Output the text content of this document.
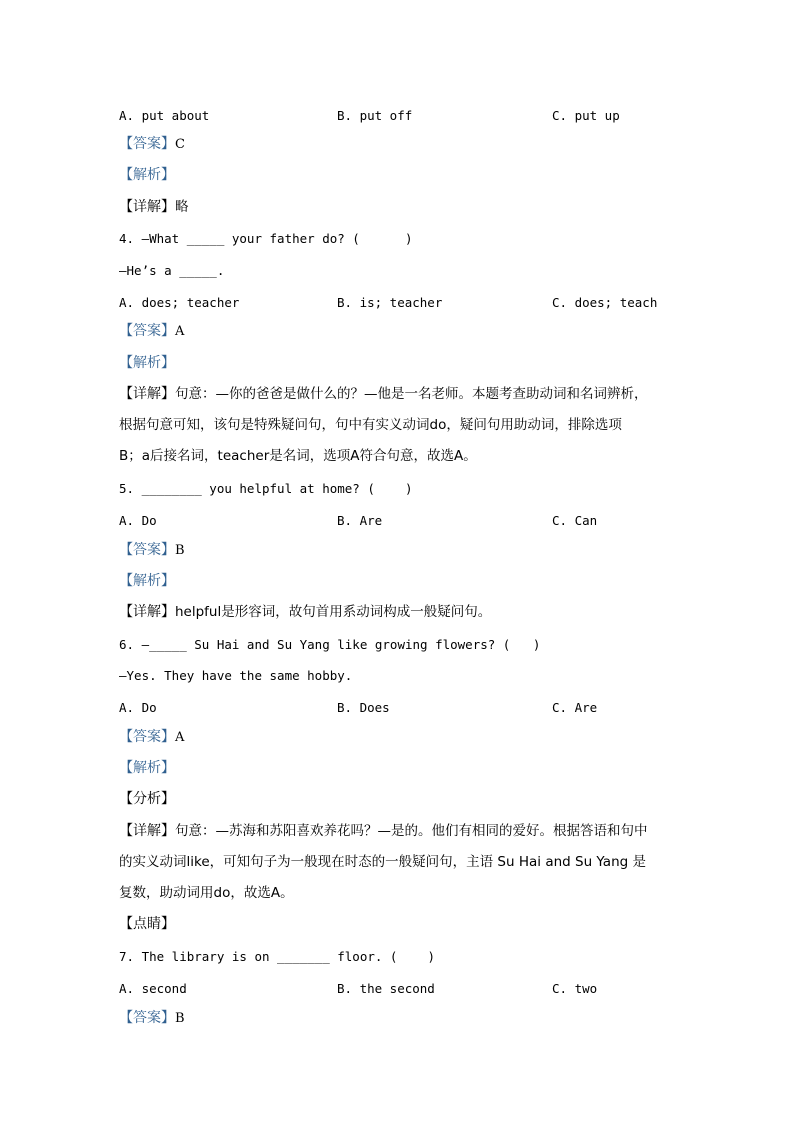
A. put about	B. put off	C. put up
【答案】C
【解析】
【详解】略
4. —What _____ your father do? (      )
—He’s a _____.
A. does; teacher	B. is; teacher	C. does; teach
【答案】A
【解析】
【详解】句意：—你的爸爸是做什么的？—他是一名老师。本题考查助动词和名词辨析，
根据句意可知，该句是特殊疑问句，句中有实义动词do，疑问句用助动词，排除选项
B；a后接名词，teacher是名词，选项A符合句意，故选A。
5. ________ you helpful at home? (    )
A. Do	B. Are	C. Can
【答案】B
【解析】
【详解】helpful是形容词，故句首用系动词构成一般疑问句。
6. —_____ Su Hai and Su Yang like growing flowers? (   )
—Yes. They have the same hobby.
A. Do	B. Does	C. Are
【答案】A
【解析】
【分析】
【详解】句意：—苏海和苏阳喜欢养花吗？—是的。他们有相同的爱好。根据答语和句中
的实义动词like，可知句子为一般现在时态的一般疑问句，主语 Su Hai and Su Yang 是
复数，助动词用do，故选A。
【点睛】
7. The library is on _______ floor. (    )
A. second	B. the second	C. two
【答案】B
